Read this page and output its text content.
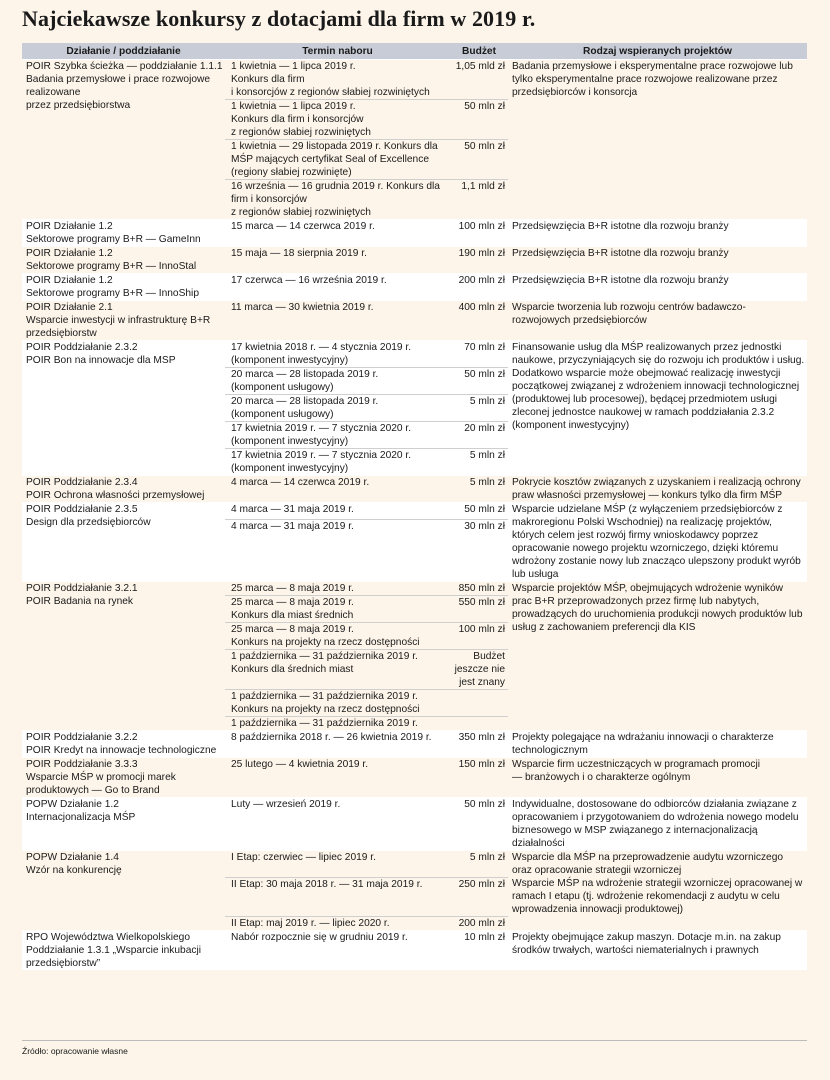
Najciekawsze konkursy z dotacjami dla firm w 2019 r.
Działanie / poddziałanie	Termin naboru	Budżet	Rodzaj wspieranych projektów
POIR Szybka ścieżka — poddziałanie 1.1.1
Badania przemysłowe i prace rozwojowe realizowane
przez przedsiębiorstwa	1 kwietnia — 1 lipca 2019 r.
Konkurs dla firm
i konsorcjów z regionów słabiej rozwiniętych	1,05 mld zł	Badania przemysłowe i eksperymentalne prace rozwojowe lub tylko eksperymentalne prace rozwojowe realizowane przez przedsiębiorców i konsorcja
	1 kwietnia — 1 lipca 2019 r.
Konkurs dla firm i konsorcjów
z regionów słabiej rozwiniętych	50 mln zł	
	1 kwietnia — 29 listopada 2019 r. Konkurs dla
MŚP mających certyfikat Seal of Excellence
(regiony słabiej rozwinięte)	50 mln zł	
	16 września — 16 grudnia 2019 r. Konkurs dla
firm i konsorcjów
z regionów słabiej rozwiniętych	1,1 mld zł	
POIR Działanie 1.2
Sektorowe programy B+R — GameInn	15 marca — 14 czerwca 2019 r.	100 mln zł	Przedsięwzięcia B+R istotne dla rozwoju branży
POIR Działanie 1.2
Sektorowe programy B+R — InnoStal	15 maja — 18 sierpnia 2019 r.	190 mln zł	Przedsięwzięcia B+R istotne dla rozwoju branży
POIR Działanie 1.2
Sektorowe programy B+R — InnoShip	17 czerwca — 16 września 2019 r.	200 mln zł	Przedsięwzięcia B+R istotne dla rozwoju branży
POIR Działanie 2.1
Wsparcie inwestycji w infrastrukturę B+R
przedsiębiorstw	11 marca — 30 kwietnia 2019 r.	400 mln zł	Wsparcie tworzenia lub rozwoju centrów badawczo-
rozwojowych przedsiębiorców
POIR Poddziałanie 2.3.2
POIR Bon na innowacje dla MSP	17 kwietnia 2018 r. — 4 stycznia 2019 r.
(komponent inwestycyjny)	70 mln zł	Finansowanie usług dla MŚP realizowanych przez jednostki naukowe, przyczyniających się do rozwoju ich produktów i usług. Dodatkowo wsparcie może obejmować realizację inwestycji początkowej związanej z wdrożeniem innowacji technologicznej (produktowej lub procesowej), będącej przedmiotem usługi zleconej jednostce naukowej w ramach poddziałania 2.3.2 (komponent inwestycyjny)
	20 marca — 28 listopada 2019 r.
(komponent usługowy)	50 mln zł	
	20 marca — 28 listopada 2019 r.
(komponent usługowy)	5 mln zł	
	17 kwietnia 2019 r. — 7 stycznia 2020 r.
(komponent inwestycyjny)	20 mln zł	
	17 kwietnia 2019 r. — 7 stycznia 2020 r.
(komponent inwestycyjny)	5 mln zł	
POIR Poddziałanie 2.3.4
POIR Ochrona własności przemysłowej	4 marca — 14 czerwca 2019 r.	5 mln zł	Pokrycie kosztów związanych z uzyskaniem i realizacją ochrony praw własności przemysłowej — konkurs tylko dla firm MŚP
POIR Poddziałanie 2.3.5
Design dla przedsiębiorców	4 marca — 31 maja 2019 r.	50 mln zł	Wsparcie udzielane MŚP (z wyłączeniem przedsiębiorców z makroregionu Polski Wschodniej) na realizację projektów, których celem jest rozwój firmy wnioskodawcy poprzez opracowanie nowego projektu wzorniczego, dzięki któremu wdrożony zostanie nowy lub znacząco ulepszony produkt wyrób lub usługa
	4 marca — 31 maja 2019 r.	30 mln zł	
POIR Poddziałanie 3.2.1
POIR Badania na rynek	25 marca — 8 maja 2019 r.	850 mln zł	Wsparcie projektów MŚP, obejmujących wdrożenie wyników prac B+R przeprowadzonych przez firmę lub nabytych, prowadzących do uruchomienia produkcji nowych produktów lub usług z zachowaniem preferencji dla KIS
	25 marca — 8 maja 2019 r.
Konkurs dla miast średnich	550 mln zł	
	25 marca — 8 maja 2019 r.
Konkurs na projekty na rzecz dostępności	100 mln zł	
	1 października — 31 października 2019 r.
Konkurs dla średnich miast	Budżet
jeszcze nie
jest znany	
	1 października — 31 października 2019 r.
Konkurs na projekty na rzecz dostępności		
	1 października — 31 października 2019 r.		
POIR Poddziałanie 3.2.2
POIR Kredyt na innowacje technologiczne	8 października 2018 r. — 26 kwietnia 2019 r.	350 mln zł	Projekty polegające na wdrażaniu innowacji o charakterze technologicznym
POIR Poddziałanie 3.3.3
Wsparcie MŚP w promocji marek
produktowych — Go to Brand	25 lutego — 4 kwietnia 2019 r.	150 mln zł	Wsparcie firm uczestniczących w programach promocji
— branżowych i o charakterze ogólnym
POPW Działanie 1.2
Internacjonalizacja MŚP	Luty — wrzesień 2019 r.	50 mln zł	Indywidualne, dostosowane do odbiorców działania związane z opracowaniem i przygotowaniem do wdrożenia nowego modelu biznesowego w MSP związanego z internacjonalizacją działalności
POPW Działanie 1.4
Wzór na konkurencję	I Etap: czerwiec — lipiec 2019 r.	5 mln zł	Wsparcie dla MŚP na przeprowadzenie audytu wzorniczego oraz opracowanie strategii wzorniczej
	II Etap: 30 maja 2018 r. — 31 maja 2019 r.	250 mln zł	Wsparcie MŚP na wdrożenie strategii wzorniczej opracowanej w ramach I etapu (tj. wdrożenie rekomendacji z audytu w celu wprowadzenia innowacji produktowej)
	II Etap: maj 2019 r. — lipiec 2020 r.	200 mln zł	
RPO Województwa Wielkopolskiego
Poddziałanie 1.3.1 „Wsparcie inkubacji
przedsiębiorstw”	Nabór rozpocznie się w grudniu 2019 r.	10 mln zł	Projekty obejmujące zakup maszyn. Dotacje m.in. na zakup środków trwałych, wartości niematerialnych i prawnych
Źródło: opracowanie własne
